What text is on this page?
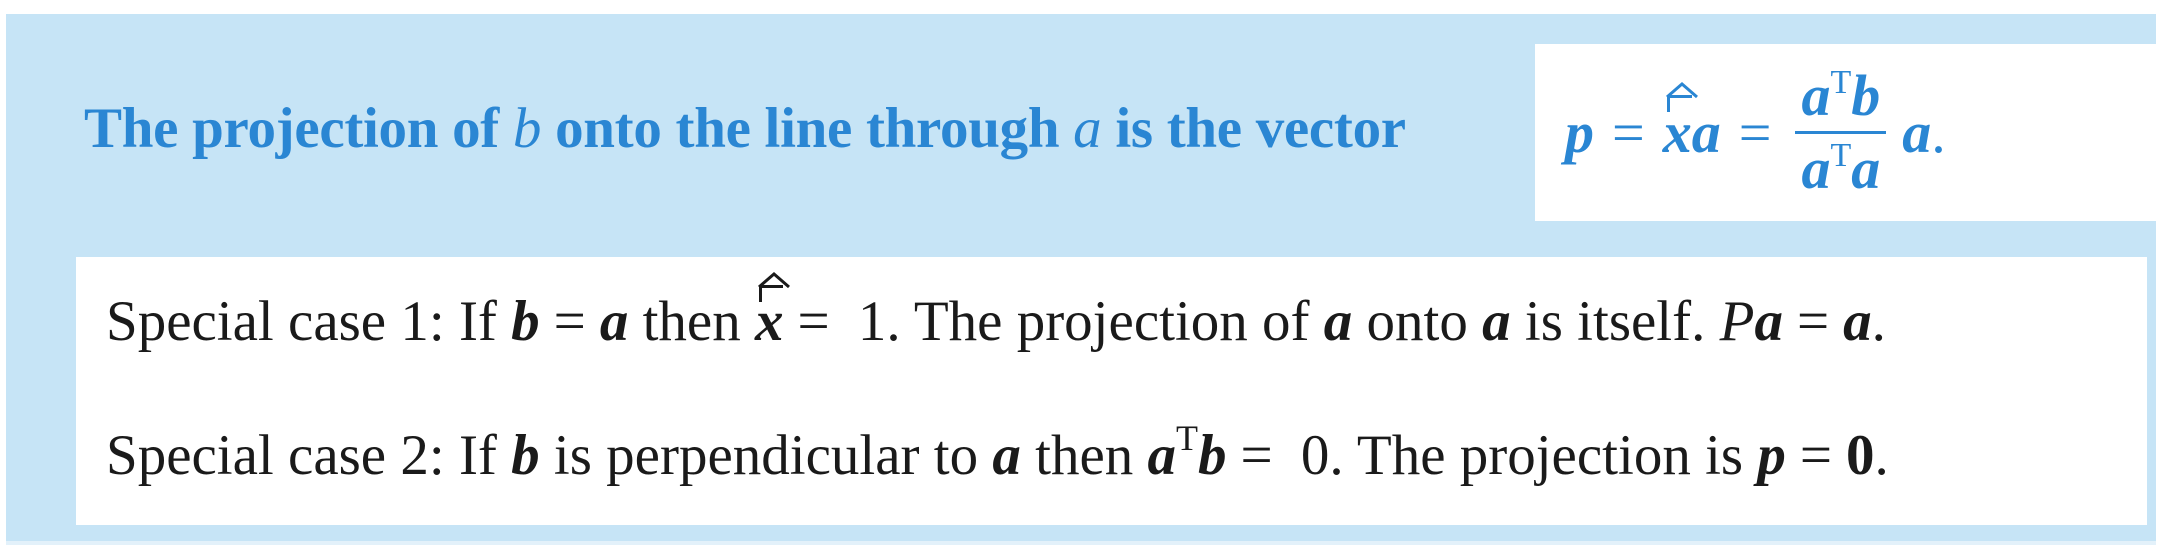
The projection of b onto the line through a is the vector	p = x $a = \frac{a^Tb}{a^Ta}$ a .
Special case 1: If b = a then
x = 1. The projection of a onto a is itself. Pa = a.
Special case 2: If b is perpendicular to a then $a^Tb = 0$. The projection is p = 0.
